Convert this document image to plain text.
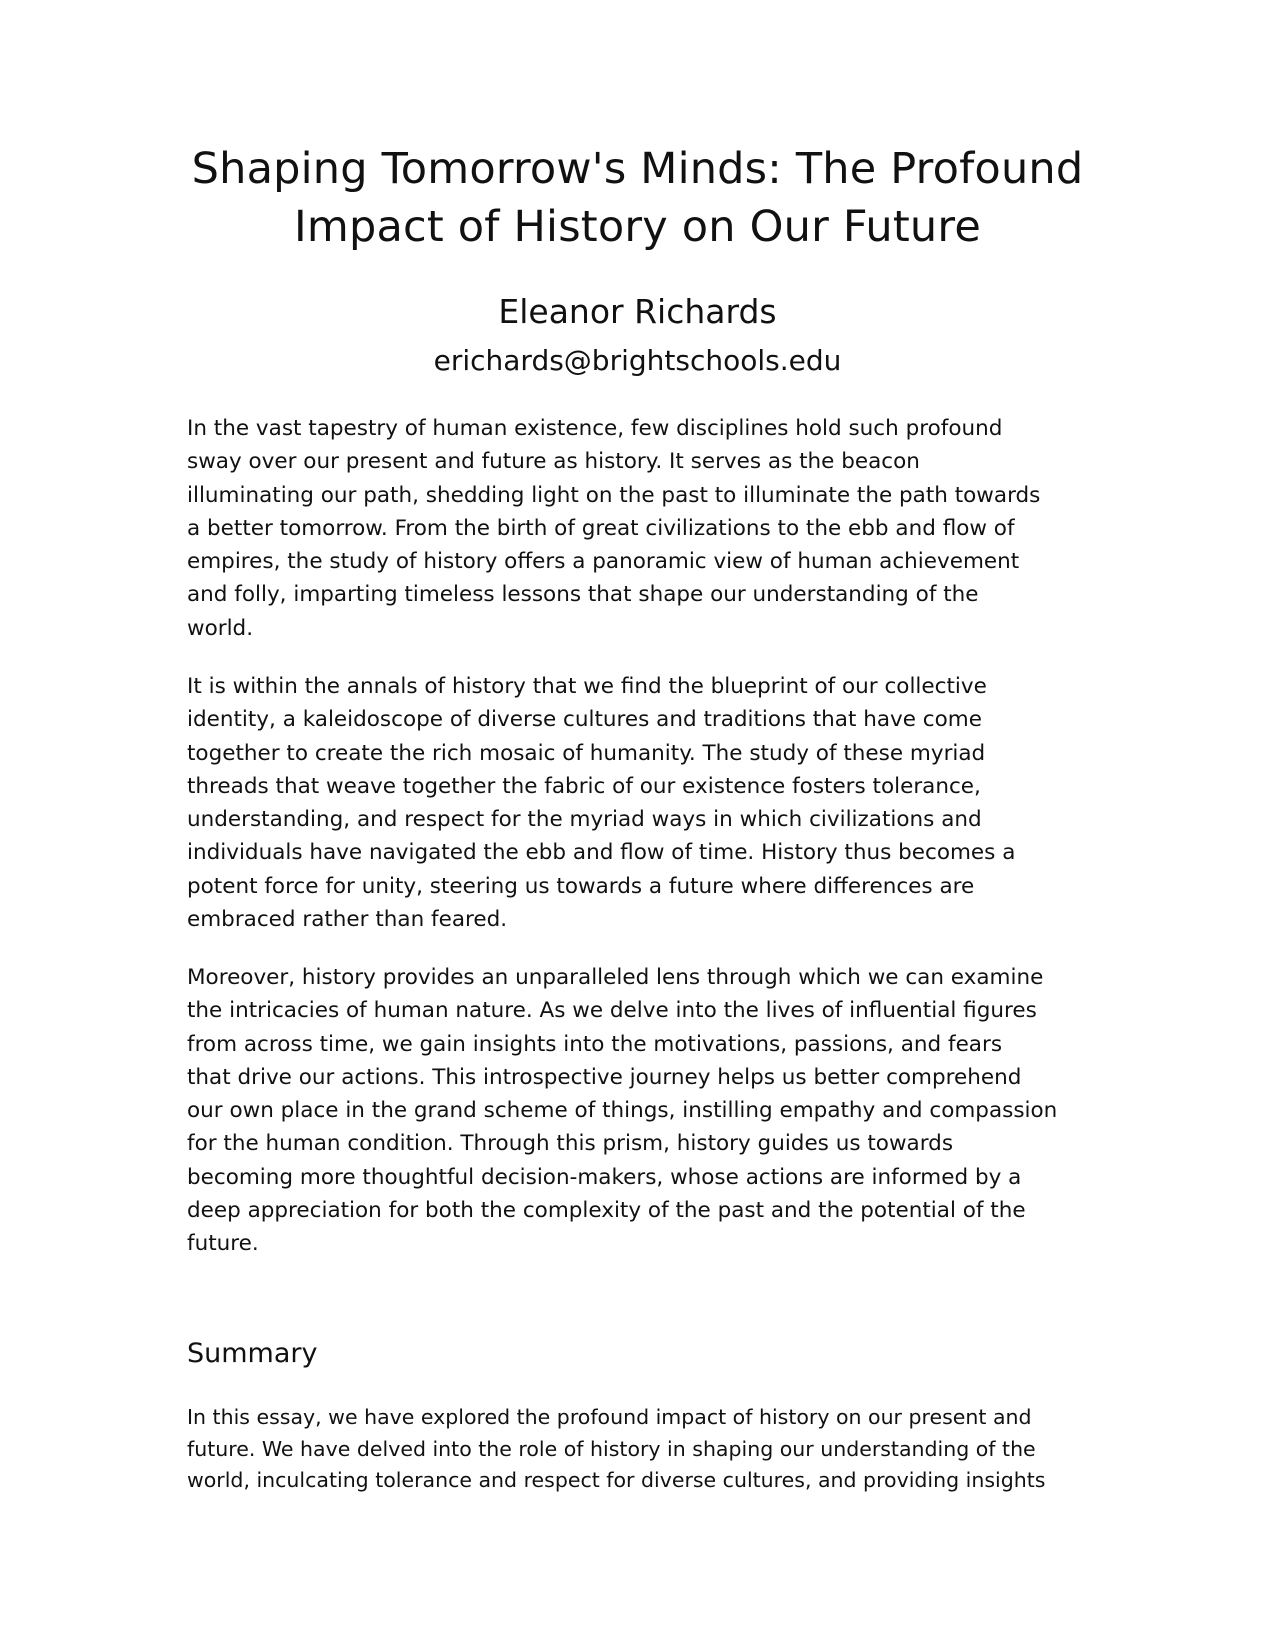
Shaping Tomorrow's Minds: The Profound
Impact of History on Our Future

Eleanor Richards

erichards@brightschools.edu

In the vast tapestry of human existence, few disciplines hold such profound
sway over our present and future as history. It serves as the beacon
illuminating our path, shedding light on the past to illuminate the path towards
a better tomorrow. From the birth of great civilizations to the ebb and flow of
empires, the study of history offers a panoramic view of human achievement
and folly, imparting timeless lessons that shape our understanding of the
world.

It is within the annals of history that we find the blueprint of our collective
identity, a kaleidoscope of diverse cultures and traditions that have come
together to create the rich mosaic of humanity. The study of these myriad
threads that weave together the fabric of our existence fosters tolerance,
understanding, and respect for the myriad ways in which civilizations and
individuals have navigated the ebb and flow of time. History thus becomes a
potent force for unity, steering us towards a future where differences are
embraced rather than feared.

Moreover, history provides an unparalleled lens through which we can examine
the intricacies of human nature. As we delve into the lives of influential figures
from across time, we gain insights into the motivations, passions, and fears
that drive our actions. This introspective journey helps us better comprehend
our own place in the grand scheme of things, instilling empathy and compassion
for the human condition. Through this prism, history guides us towards
becoming more thoughtful decision-makers, whose actions are informed by a
deep appreciation for both the complexity of the past and the potential of the
future.

Summary

In this essay, we have explored the profound impact of history on our present and
future. We have delved into the role of history in shaping our understanding of the
world, inculcating tolerance and respect for diverse cultures, and providing insights
